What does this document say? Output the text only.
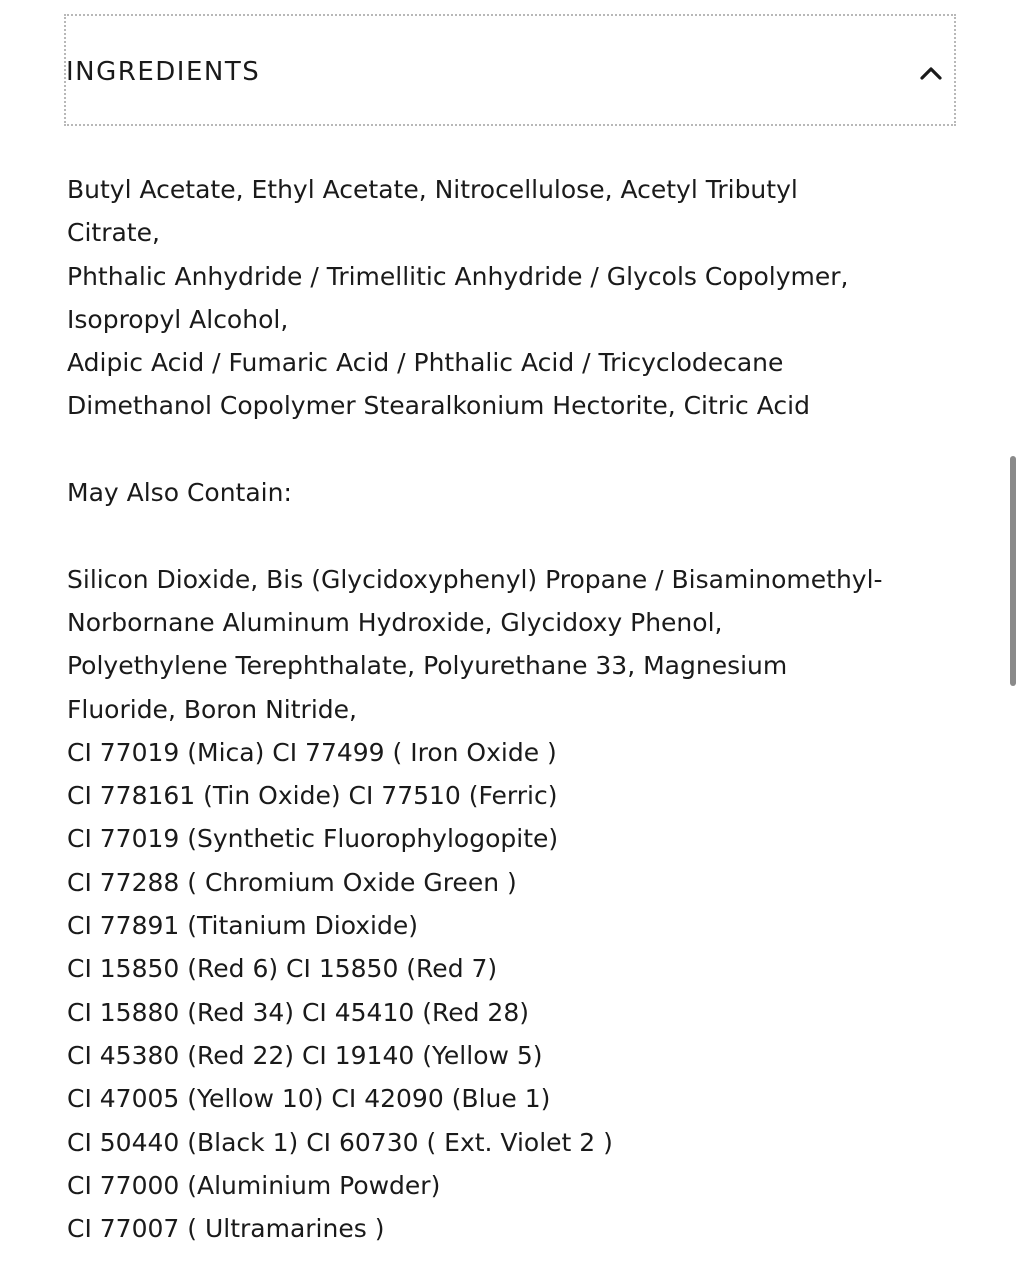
INGREDIENTS

Butyl Acetate, Ethyl Acetate, Nitrocellulose, Acetyl Tributyl

Citrate,

Phthalic Anhydride / Trimellitic Anhydride / Glycols Copolymer,

Isopropyl Alcohol,

Adipic Acid / Fumaric Acid / Phthalic Acid / Tricyclodecane

Dimethanol Copolymer Stearalkonium Hectorite, Citric Acid

May Also Contain:

Silicon Dioxide, Bis (Glycidoxyphenyl) Propane / Bisaminomethyl-

Norbornane Aluminum Hydroxide, Glycidoxy Phenol,

Polyethylene Terephthalate, Polyurethane 33, Magnesium

Fluoride, Boron Nitride,

CI 77019 (Mica) CI 77499 ( Iron Oxide )

CI 778161 (Tin Oxide) CI 77510 (Ferric)

CI 77019 (Synthetic Fluorophylogopite)

CI 77288 ( Chromium Oxide Green )

CI 77891 (Titanium Dioxide)

CI 15850 (Red 6) CI 15850 (Red 7)

CI 15880 (Red 34) CI 45410 (Red 28)

CI 45380 (Red 22) CI 19140 (Yellow 5)

CI 47005 (Yellow 10) CI 42090 (Blue 1)

CI 50440 (Black 1) CI 60730 ( Ext. Violet 2 )

CI 77000 (Aluminium Powder)

CI 77007 ( Ultramarines )
